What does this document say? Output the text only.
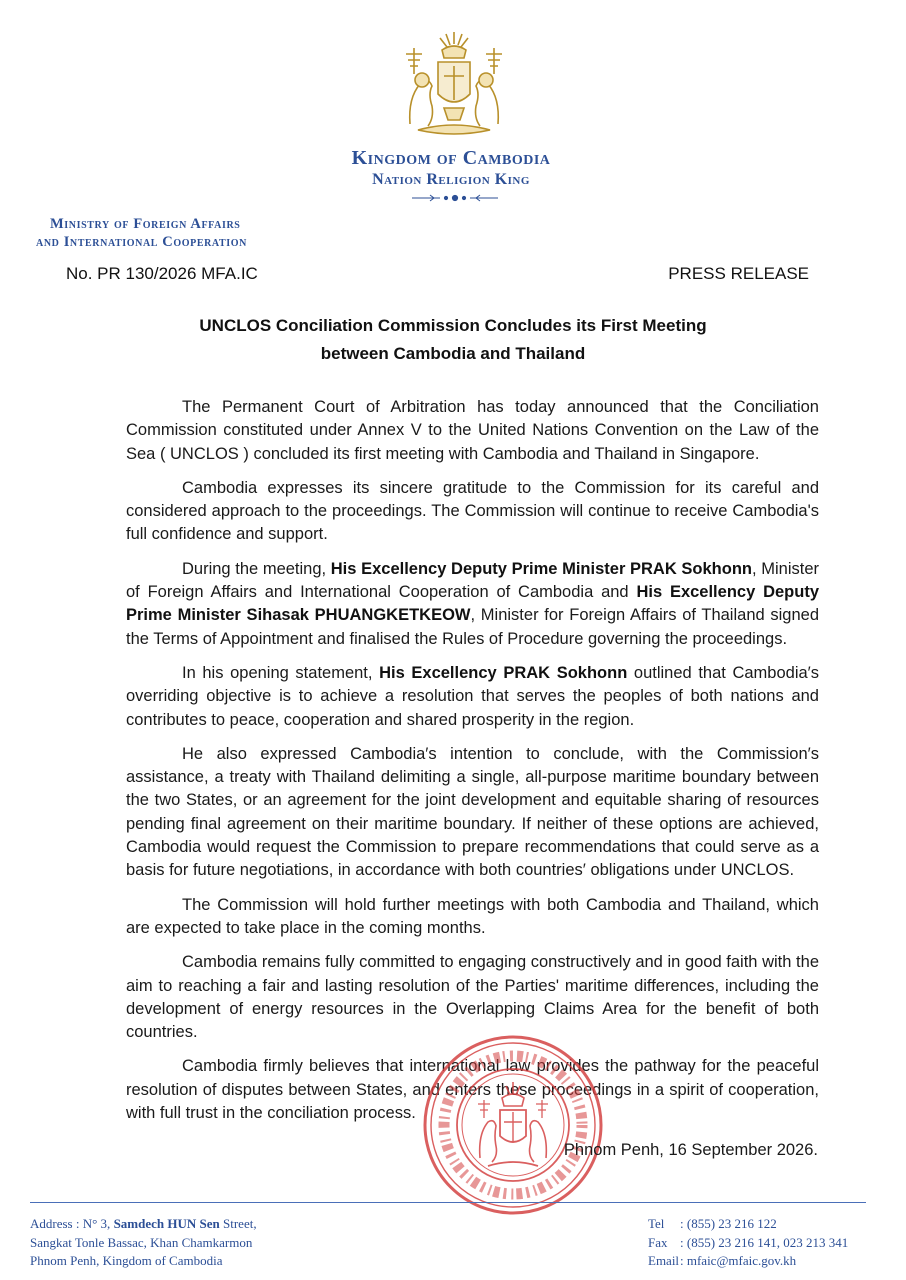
Kingdom of Cambodia
Nation Religion King
Ministry of Foreign Affairs
and International Cooperation
No. PR 130/2026 MFA.IC	PRESS RELEASE
UNCLOS Conciliation Commission Concludes its First Meeting
between Cambodia and Thailand

The Permanent Court of Arbitration has today announced that the Conciliation Commission constituted under Annex V to the United Nations Convention on the Law of the Sea ( UNCLOS ) concluded its first meeting with Cambodia and Thailand in Singapore.

Cambodia expresses its sincere gratitude to the Commission for its careful and considered approach to the proceedings. The Commission will continue to receive Cambodia's full confidence and support.

During the meeting, His Excellency Deputy Prime Minister PRAK Sokhonn, Minister of Foreign Affairs and International Cooperation of Cambodia and His Excellency Deputy Prime Minister Sihasak PHUANGKETKEOW, Minister for Foreign Affairs of Thailand signed the Terms of Appointment and finalised the Rules of Procedure governing the proceedings.

In his opening statement, His Excellency PRAK Sokhonn outlined that Cambodia′s overriding objective is to achieve a resolution that serves the peoples of both nations and contributes to peace, cooperation and shared prosperity in the region.

He also expressed Cambodia′s intention to conclude, with the Commission′s assistance, a treaty with Thailand delimiting a single, all-purpose maritime boundary between the two States, or an agreement for the joint development and equitable sharing of resources pending final agreement on their maritime boundary. If neither of these options are achieved, Cambodia would request the Commission to prepare recommendations that could serve as a basis for future negotiations, in accordance with both countries′ obligations under UNCLOS.

The Commission will hold further meetings with both Cambodia and Thailand, which are expected to take place in the coming months.

Cambodia remains fully committed to engaging constructively and in good faith with the aim to reaching a fair and lasting resolution of the Parties' maritime differences, including the development of energy resources in the Overlapping Claims Area for the benefit of both countries.

Cambodia firmly believes that international law provides the pathway for the peaceful resolution of disputes between States, and enters these proceedings in a spirit of cooperation, with full trust in the conciliation process.

Phnom Penh, 16 September 2026.
Address : N° 3, Samdech HUN Sen Street,
Sangkat Tonle Bassac, Khan Chamkarmon
Phnom Penh, Kingdom of Cambodia
Tel : (855) 23 216 122
Fax : (855) 23 216 141, 023 213 341
Email: mfaic@mfaic.gov.kh
